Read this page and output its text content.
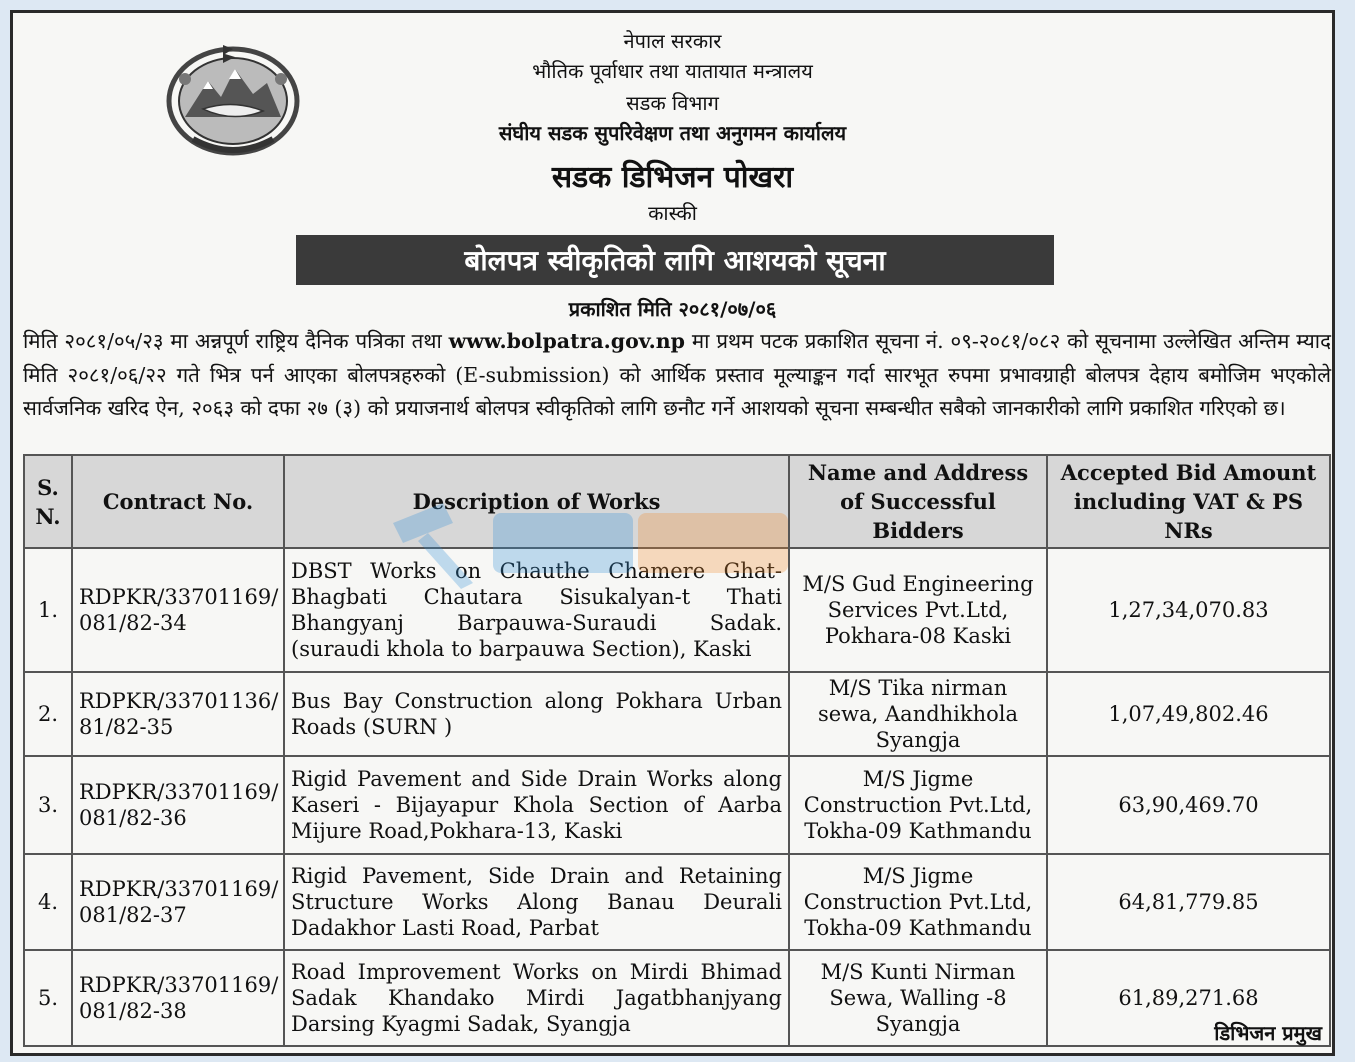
नेपाल सरकार
भौतिक पूर्वाधार तथा यातायात मन्त्रालय
सडक विभाग
संघीय सडक सुपरिवेक्षण तथा अनुगमन कार्यालय
सडक डिभिजन पोखरा
कास्की
बोलपत्र स्वीकृतिको लागि आशयको सूचना
प्रकाशित मिति २०८१/०७/०६
मिति २०८१/०५/२३ मा अन्नपूर्ण राष्ट्रिय दैनिक पत्रिका तथा www.bolpatra.gov.np मा प्रथम पटक प्रकाशित सूचना नं. ०९-२०८१/०८२ को सूचनामा उल्लेखित अन्तिम म्याद मिति २०८१/०६/२२ गते भित्र पर्न आएका बोलपत्रहरुको (E-submission) को आर्थिक प्रस्ताव मूल्याङ्कन गर्दा सारभूत रुपमा प्रभावग्राही बोलपत्र देहाय बमोजिम भएकोले सार्वजनिक खरिद ऐन, २०६३ को दफा २७ (३) को प्रयाजनार्थ बोलपत्र स्वीकृतिको लागि छनौट गर्ने आशयको सूचना सम्बन्धीत सबैको जानकारीको लागि प्रकाशित गरिएको छ।
S. N.	Contract No.	Description of Works	Name and Address of Successful Bidders	Accepted Bid Amount including VAT & PS NRs
1.	RDPKR/33701169/ 081/82-34	DBST Works on Chauthe Chamere Ghat-Bhagbati Chautara Sisukalyan-t Thati Bhangyanj Barpauwa-Suraudi Sadak. (suraudi khola to barpauwa Section), Kaski	M/S Gud Engineering Services Pvt.Ltd, Pokhara-08 Kaski	1,27,34,070.83
2.	RDPKR/33701136/ 81/82-35	Bus Bay Construction along Pokhara Urban Roads (SURN )	M/S Tika nirman sewa, Aandhikhola Syangja	1,07,49,802.46
3.	RDPKR/33701169/ 081/82-36	Rigid Pavement and Side Drain Works along Kaseri - Bijayapur Khola Section of Aarba Mijure Road,Pokhara-13, Kaski	M/S Jigme Construction Pvt.Ltd, Tokha-09 Kathmandu	63,90,469.70
4.	RDPKR/33701169/ 081/82-37	Rigid Pavement, Side Drain and Retaining Structure Works Along Banau Deurali Dadakhor Lasti Road, Parbat	M/S Jigme Construction Pvt.Ltd, Tokha-09 Kathmandu	64,81,779.85
5.	RDPKR/33701169/ 081/82-38	Road Improvement Works on Mirdi Bhimad Sadak Khandako Mirdi Jagatbhanjyang Darsing Kyagmi Sadak, Syangja	M/S Kunti Nirman Sewa, Walling -8 Syangja	61,89,271.68
डिभिजन प्रमुख
